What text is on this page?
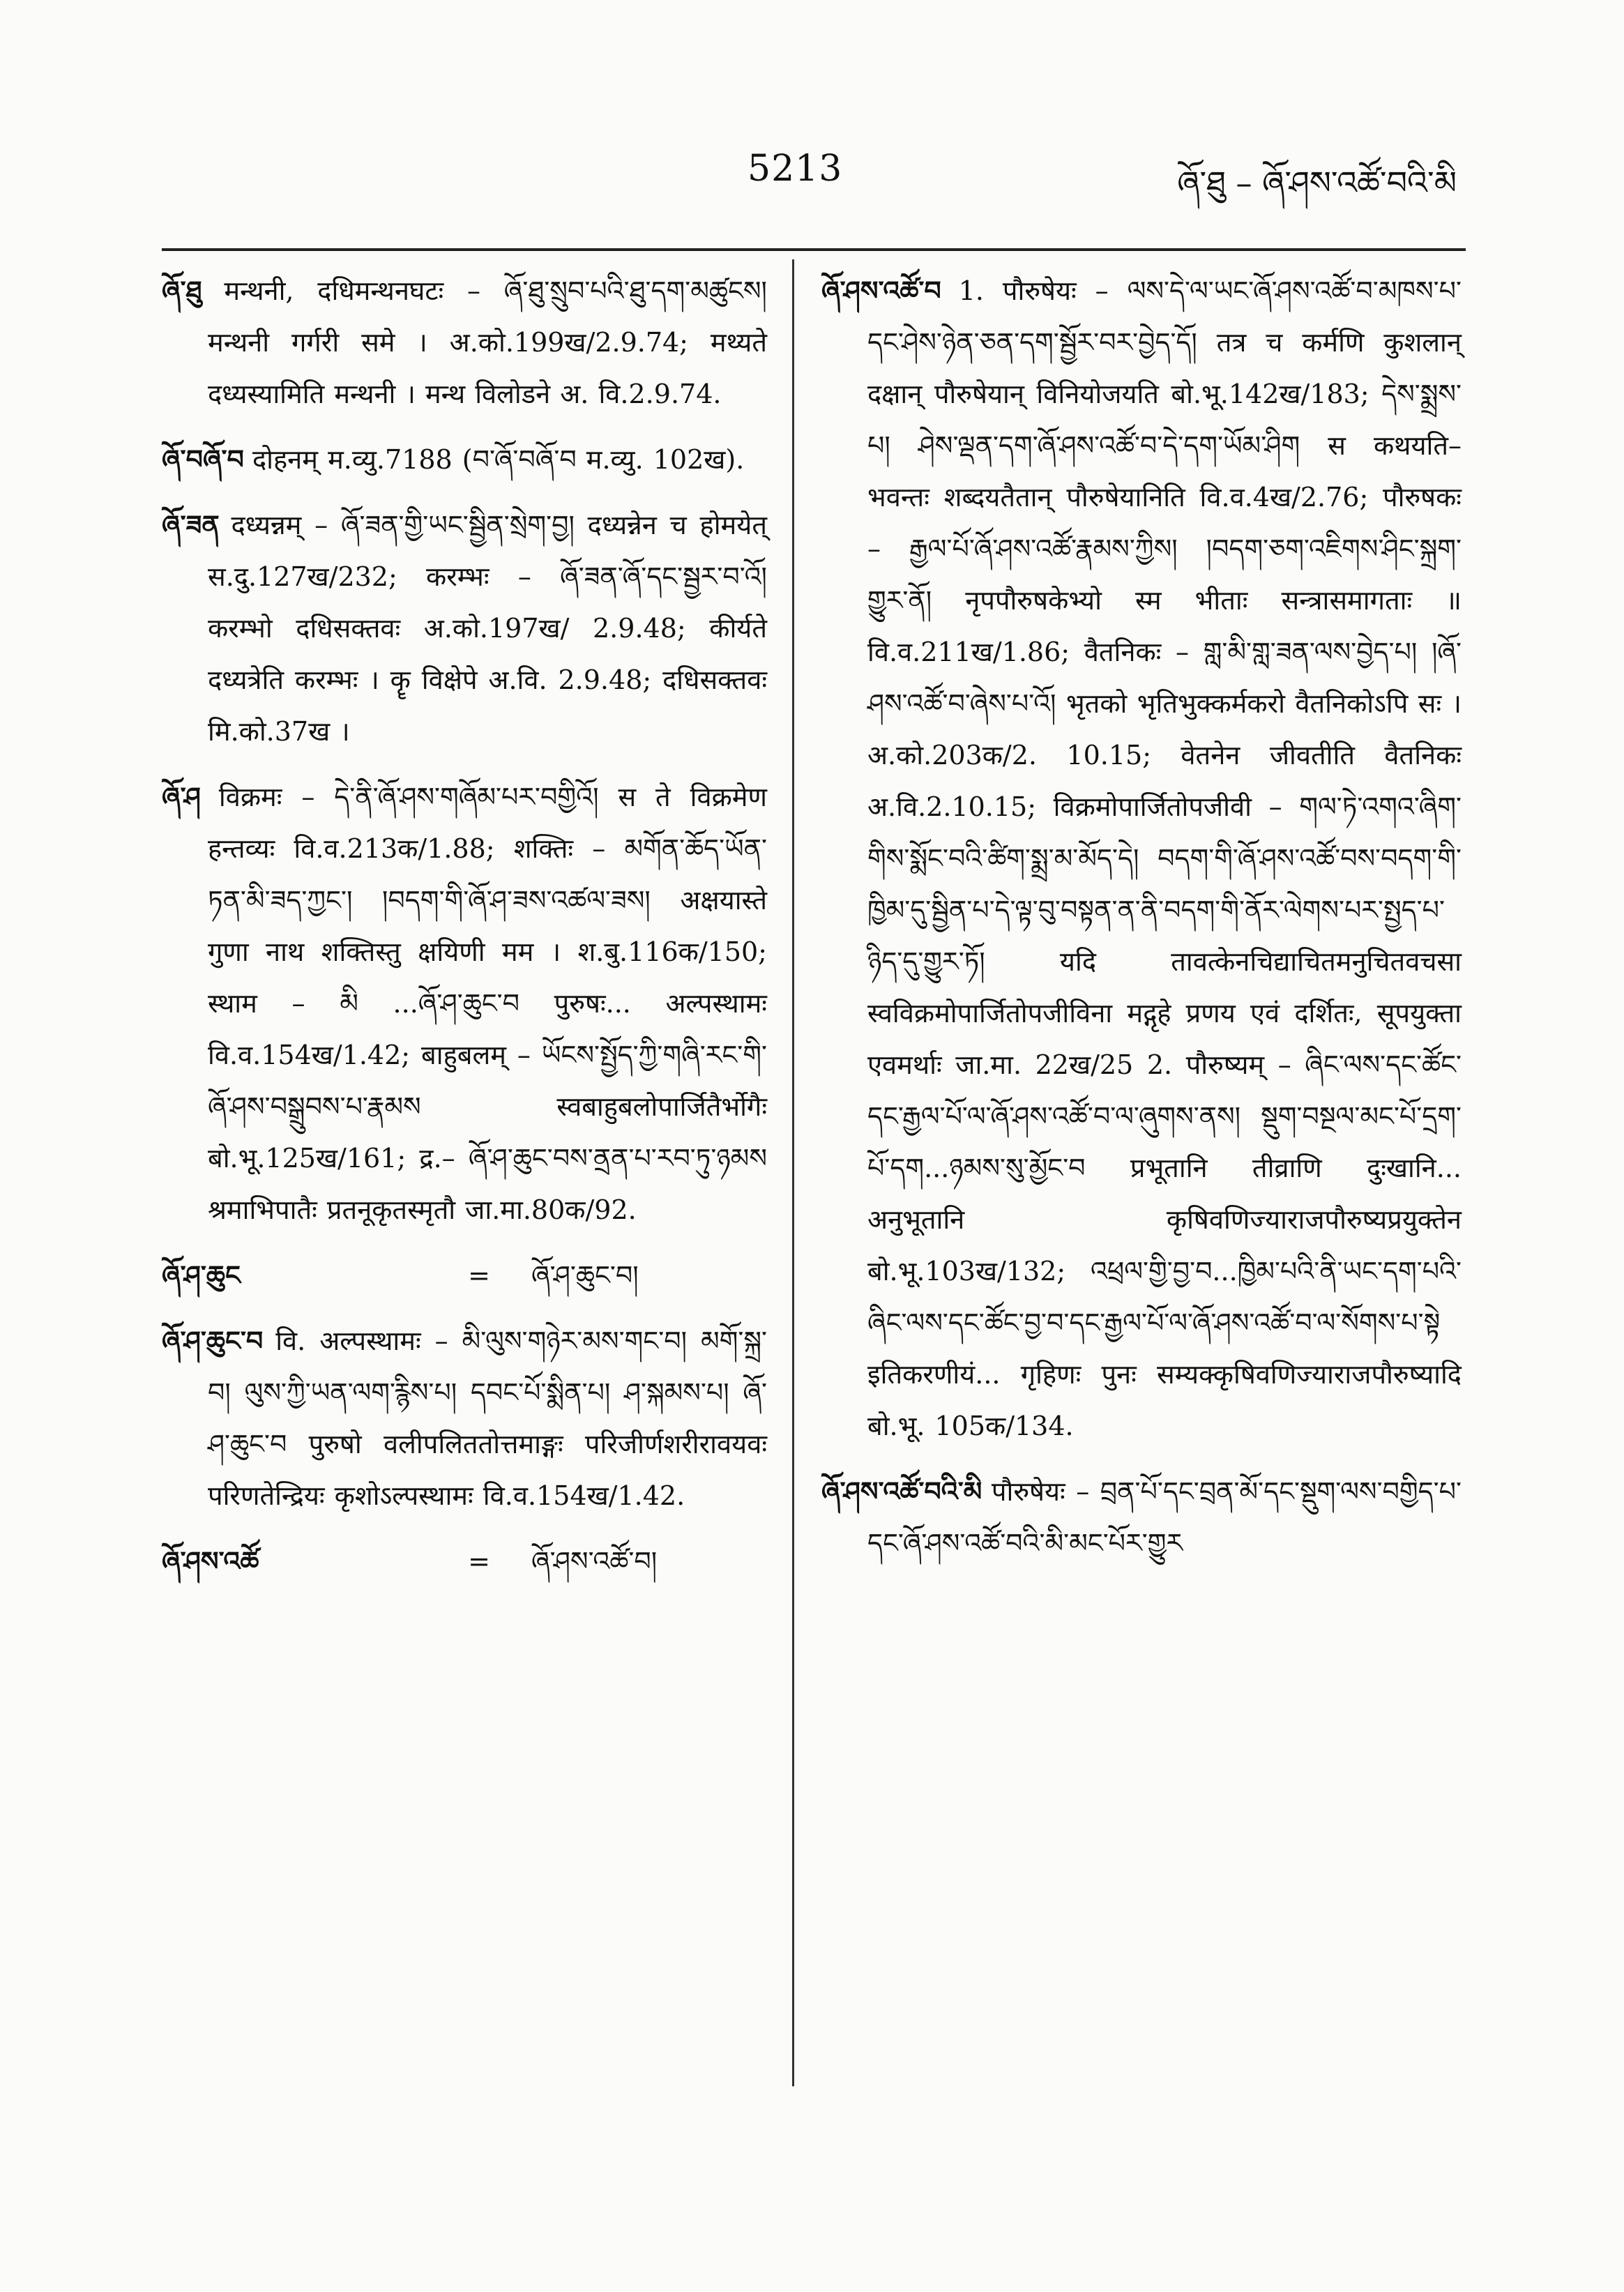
5213	ཞོ་ཐུ – ཞོ་ཤས་འཚོ་བའི་མི

ཞོ་ཐུ मन्थनी, दधिमन्थनघटः – ཞོ་ཐུ་སྲུབ་པའི་ཐུ་དག་མཚུངས། मन्थनी गर्गरी समे । अ.को.199ख/2.9.74; मथ्यते दध्यस्यामिति मन्थनी । मन्थ विलोडने अ. वि.2.9.74.

ཞོ་བཞོ་བ दोहनम् म.व्यु.7188 (བ་ཞོ་བཞོ་བ म.व्यु. 102ख).

ཞོ་ཟན दध्यन्नम् – ཞོ་ཟན་གྱི་ཡང་སྦྱིན་སྲེག་བྱ། दध्यन्नेन च होमयेत् स.दु.127ख/232; करम्भः – ཞོ་ཟན་ཞོ་དང་སྦྱར་བ་འོ། करम्भो दधिसक्तवः अ.को.197ख/ 2.9.48; कीर्यते दध्यत्रेति करम्भः । कॄ विक्षेपे अ.वि. 2.9.48; दधिसक्तवः मि.को.37ख ।

ཞོ་ཤ विक्रमः – དེ་ནི་ཞོ་ཤས་གཞོམ་པར་བགྱིའོ། स ते विक्रमेण हन्तव्यः वि.व.213क/1.88; शक्तिः – མགོན་ཆོད་ཡོན་ཏན་མི་ཟད་ཀྱང་། །བདག་གི་ཞོ་ཤ་ཟས་འཚལ་ཟས། अक्षयास्ते गुणा नाथ शक्तिस्तु क्षयिणी मम । श.बु.116क/150; स्थाम – མི ...ཞོ་ཤ་ཆུང་བ पुरुषः... अल्पस्थामः वि.व.154ख/1.42; बाहुबलम् – ཡོངས་སྤྱོད་ཀྱི་གཞི་རང་གི་ཞོ་ཤས་བསྒྲུབས་པ་རྣམས स्वबाहुबलोपार्जितैर्भोगैः बो.भू.125ख/161; द्र.– ཞོ་ཤ་ཆུང་བས་ནྲན་པ་རབ་ཏུ་ཉམས श्रमाभिपातैः प्रतनूकृतस्मृतौ जा.मा.80क/92.

ཞོ་ཤ་ཆུང	=	ཞོ་ཤ་ཆུང་བ།

ཞོ་ཤ་ཆུང་བ वि. अल्पस्थामः – མི་ལུས་གཉེར་མས་གང་བ། མགོ་སྐྲ་བ། ལུས་ཀྱི་ཡན་ལག་རྙིས་པ། དབང་པོ་སྨིན་པ། ཤ་སྐམས་པ། ཞོ་ཤ་ཆུང་བ पुरुषो वलीपलिततोत्तमाङ्गः परिजीर्णशरीरावयवः परिणतेन्द्रियः कृशोऽल्पस्थामः वि.व.154ख/1.42.

ཞོ་ཤས་འཚོ	=	ཞོ་ཤས་འཚོ་བ།

ཞོ་ཤས་འཚོ་བ 1. पौरुषेयः – ལས་དེ་ལ་ཡང་ཞོ་ཤས་འཚོ་བ་མཁས་པ་དང་ཤེས་ཉེན་ཅན་དག་སྦྱོར་བར་བྱེད་དོ། तत्र च कर्मणि कुशलान् दक्षान् पौरुषेयान् विनियोजयति बो.भू.142ख/183; དེས་སྨྲས་པ། ཤེས་ལྡན་དག་ཞོ་ཤས་འཚོ་བ་དེ་དག་ཡོམ་ཤིག स कथयति–भवन्तः शब्दयतैतान् पौरुषेयानिति वि.व.4ख/2.76; पौरुषकः – རྒྱལ་པོ་ཞོ་ཤས་འཚོ་རྣམས་ཀྱིས། །བདག་ཅག་འཇིགས་ཤིང་སྐྲག་གྱུར་ནོ། नृपपौरुषकेभ्यो स्म भीताः सन्त्रासमागताः ॥ वि.व.211ख/1.86; वैतनिकः – གླ་མི་གླ་ཟན་ལས་བྱེད་པ། །ཞོ་ཤས་འཚོ་བ་ཞེས་པ་འོ། भृतको भृतिभुक्कर्मकरो वैतनिकोऽपि सः । अ.को.203क/2. 10.15; वेतनेन जीवतीति वैतनिकः अ.वि.2.10.15; विक्रमोपार्जितोपजीवी – གལ་ཏེ་འགའ་ཞིག་གིས་སྨོང་བའི་ཚིག་སྨྲ་མ་མོད་དེ། བདག་གི་ཞོ་ཤས་འཚོ་བས་བདག་གི་ཁྱིམ་དུ་སྦྱིན་པ་དེ་ལྟ་བུ་བསྟན་ན་ནི་བདག་གི་ནོར་ལེགས་པར་སྤྱད་པ་ཉིད་དུ་གྱུར་ཏོ། यदि तावत्केनचिद्याचितमनुचितवचसा स्वविक्रमोपार्जितोपजीविना मद्गृहे प्रणय एवं दर्शितः, सूपयुक्ता एवमर्थाः जा.मा. 22ख/25 2. पौरुष्यम् – ཞིང་ལས་དང་ཚོང་དང་རྒྱལ་པོ་ལ་ཞོ་ཤས་འཚོ་བ་ལ་ཞུགས་ནས། སྡུག་བསྔལ་མང་པོ་དྲག་པོ་དག...ཉམས་སུ་མྱོང་བ प्रभूतानि तीव्राणि दुःखानि... अनुभूतानि कृषिवणिज्याराजपौरुष्यप्रयुक्तेन बो.भू.103ख/132; འཕྲལ་གྱི་བྱ་བ...ཁྱིམ་པའི་ནི་ཡང་དག་པའི་ཞིང་ལས་དང་ཚོང་བྱ་བ་དང་རྒྱལ་པོ་ལ་ཞོ་ཤས་འཚོ་བ་ལ་སོགས་པ་སྟེ इतिकरणीयं... गृहिणः पुनः सम्यक्कृषिवणिज्याराजपौरुष्यादि बो.भू. 105क/134.

ཞོ་ཤས་འཚོ་བའི་མི पौरुषेयः – བྲན་པོ་དང་བྲན་མོ་དང་སྡུག་ལས་བགྱིད་པ་དང་ཞོ་ཤས་འཚོ་བའི་མི་མང་པོར་གྱུར
